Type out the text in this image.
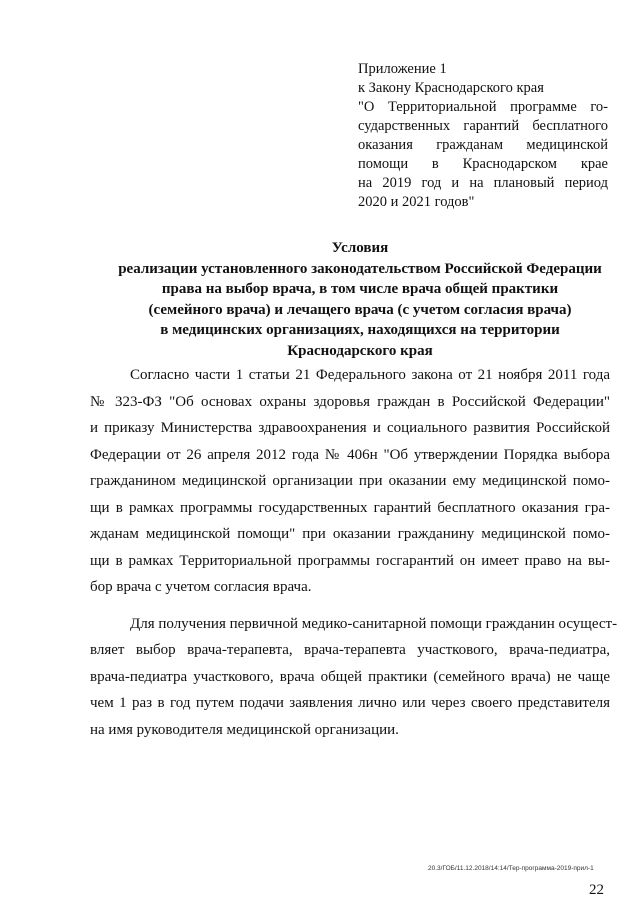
Приложение 1
к Закону Краснодарского края
"О Территориальной программе го-
сударственных гарантий бесплатного
оказания гражданам медицинской
помощи в Краснодарском крае
на 2019 год и на плановый период
2020 и 2021 годов"
Условия
реализации установленного законодательством Российской Федерации
права на выбор врача, в том числе врача общей практики
(семейного врача) и лечащего врача (с учетом согласия врача)
в медицинских организациях, находящихся на территории
Краснодарского края
Согласно части 1 статьи 21 Федерального закона от 21 ноября 2011 года
№ 323-ФЗ "Об основах охраны здоровья граждан в Российской Федерации"
и приказу Министерства здравоохранения и социального развития Российской
Федерации от 26 апреля 2012 года № 406н "Об утверждении Порядка выбора
гражданином медицинской организации при оказании ему медицинской помо-
щи в рамках программы государственных гарантий бесплатного оказания гра-
жданам медицинской помощи" при оказании гражданину медицинской помо-
щи в рамках Территориальной программы госгарантий он имеет право на вы-
бор врача с учетом согласия врача.
Для получения первичной медико-санитарной помощи гражданин осущест-
вляет выбор врача-терапевта, врача-терапевта участкового, врача-педиатра,
врача-педиатра участкового, врача общей практики (семейного врача) не чаще
чем 1 раз в год путем подачи заявления лично или через своего представителя
на имя руководителя медицинской организации.
20.3/ГОБ/11.12.2018/14:14/Тер-программа-2019-прил-1
22
